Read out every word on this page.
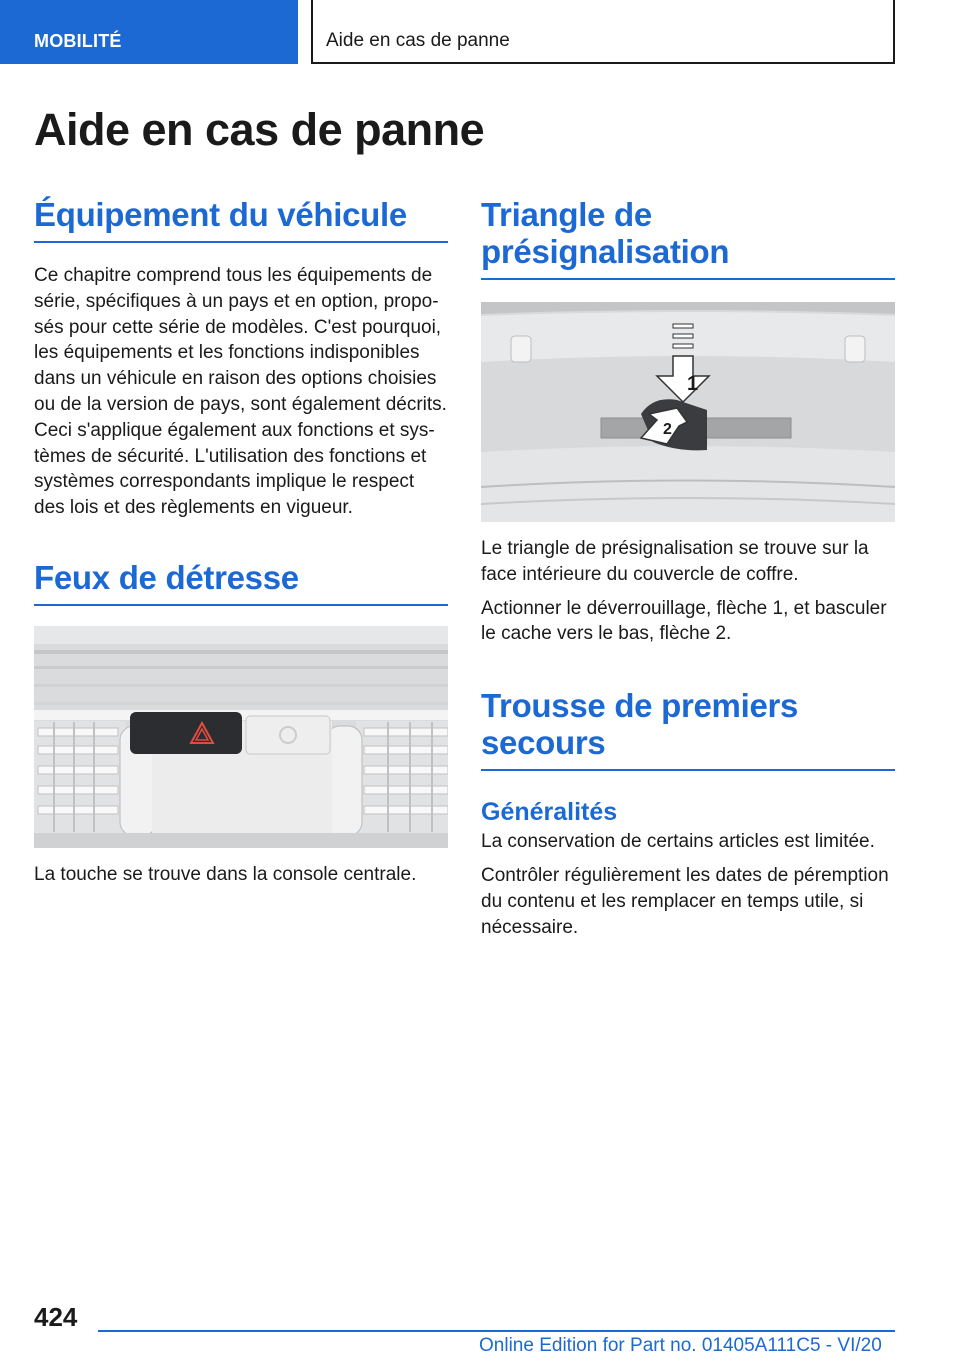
MOBILITÉ	Aide en cas de panne
Aide en cas de panne
Équipement du véhicule

Ce chapitre comprend tous les équipements de
série, spécifiques à un pays et en option, propo-
sés pour cette série de modèles. C'est pourquoi,
les équipements et les fonctions indisponibles
dans un véhicule en raison des options choisies
ou de la version de pays, sont également décrits.
Ceci s'applique également aux fonctions et sys-
tèmes de sécurité. L'utilisation des fonctions et
systèmes correspondants implique le respect
des lois et des règlements en vigueur.

Feux de détresse

La touche se trouve dans la console centrale.

Triangle de
présignalisation
1
2

Le triangle de présignalisation se trouve sur la
face intérieure du couvercle de coffre.

Actionner le déverrouillage, flèche 1, et basculer
le cache vers le bas, flèche 2.

Trousse de premiers
secours
Généralités

La conservation de certains articles est limitée.

Contrôler régulièrement les dates de péremption
du contenu et les remplacer en temps utile, si
nécessaire.

424
Online Edition for Part no. 01405A111C5 - VI/20
